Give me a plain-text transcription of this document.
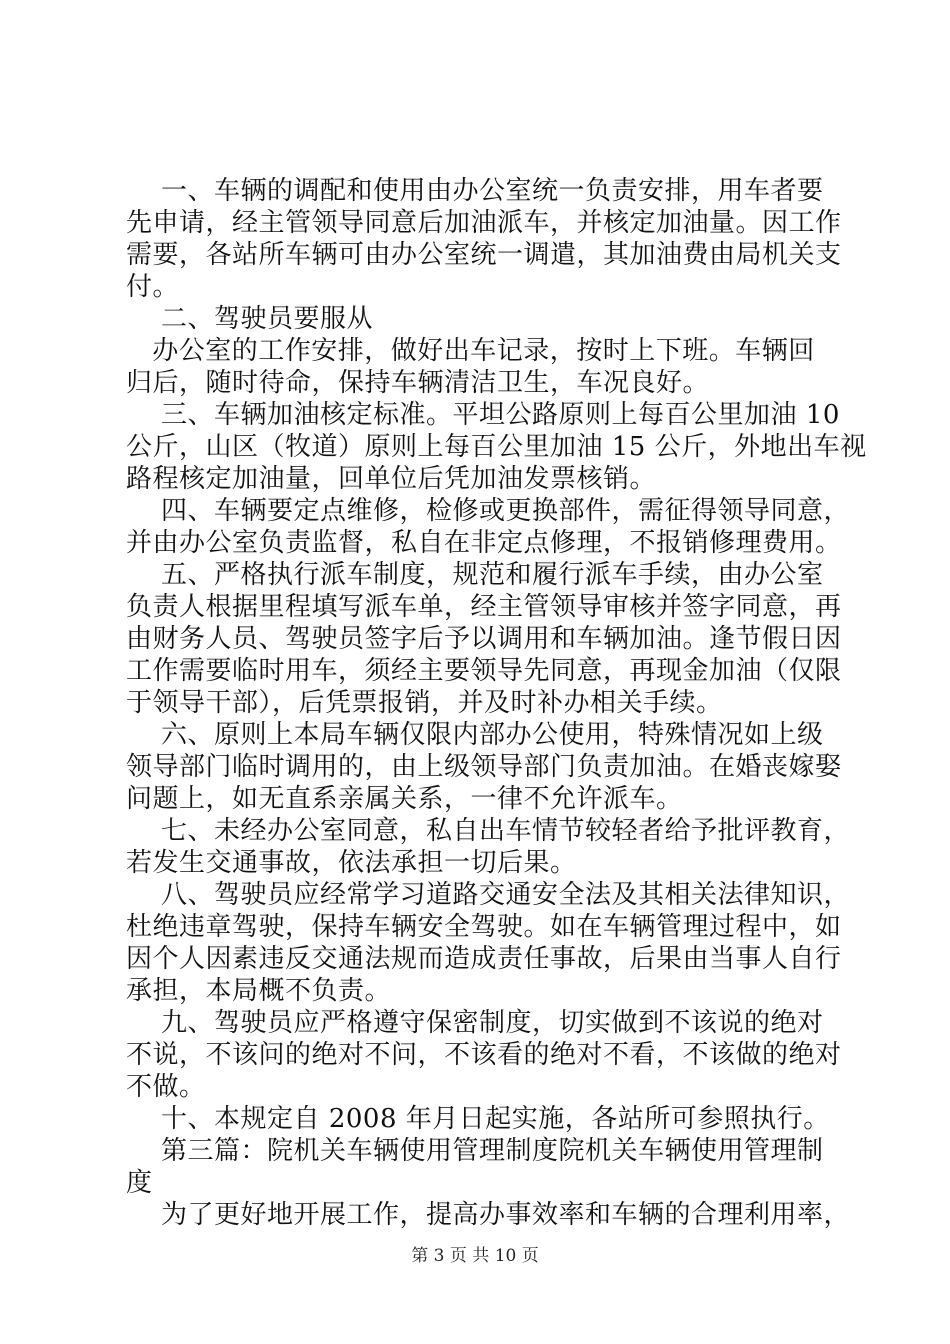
一、车辆的调配和使用由办公室统一负责安排，用车者要
先申请，经主管领导同意后加油派车，并核定加油量。因工作
需要，各站所车辆可由办公室统一调遣，其加油费由局机关支
付。
二、驾驶员要服从
办公室的工作安排，做好出车记录，按时上下班。车辆回
归后，随时待命，保持车辆清洁卫生，车况良好。
三、车辆加油核定标准。平坦公路原则上每百公里加油 10
公斤，山区（牧道）原则上每百公里加油 15 公斤，外地出车视
路程核定加油量，回单位后凭加油发票核销。
四、车辆要定点维修，检修或更换部件，需征得领导同意，
并由办公室负责监督，私自在非定点修理，不报销修理费用。
五、严格执行派车制度，规范和履行派车手续，由办公室
负责人根据里程填写派车单，经主管领导审核并签字同意，再
由财务人员、驾驶员签字后予以调用和车辆加油。逢节假日因
工作需要临时用车，须经主要领导先同意，再现金加油（仅限
于领导干部），后凭票报销，并及时补办相关手续。
六、原则上本局车辆仅限内部办公使用，特殊情况如上级
领导部门临时调用的，由上级领导部门负责加油。在婚丧嫁娶
问题上，如无直系亲属关系，一律不允许派车。
七、未经办公室同意，私自出车情节较轻者给予批评教育，
若发生交通事故，依法承担一切后果。
八、驾驶员应经常学习道路交通安全法及其相关法律知识，
杜绝违章驾驶，保持车辆安全驾驶。如在车辆管理过程中，如
因个人因素违反交通法规而造成责任事故，后果由当事人自行
承担，本局概不负责。
九、驾驶员应严格遵守保密制度，切实做到不该说的绝对
不说，不该问的绝对不问，不该看的绝对不看，不该做的绝对
不做。
十、本规定自 2008 年月日起实施，各站所可参照执行。
第三篇：院机关车辆使用管理制度院机关车辆使用管理制
度
为了更好地开展工作，提高办事效率和车辆的合理利用率，
第 3 页 共 10 页
